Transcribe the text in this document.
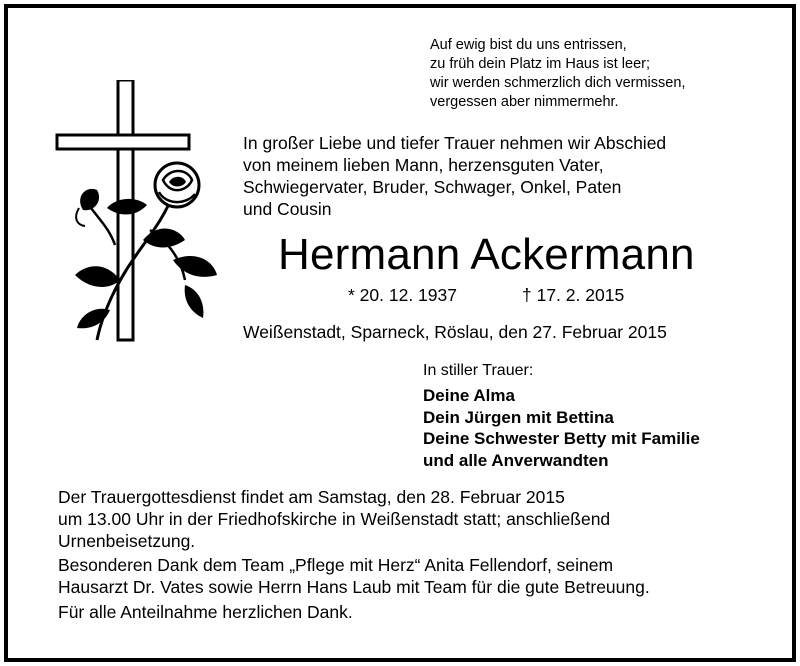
Auf ewig bist du uns entrissen,
zu früh dein Platz im Haus ist leer;
wir werden schmerzlich dich vermissen,
vergessen aber nimmermehr.
In großer Liebe und tiefer Trauer nehmen wir Abschied
von meinem lieben Mann, herzensguten Vater,
Schwiegervater, Bruder, Schwager, Onkel, Paten
und Cousin
Hermann Ackermann
* 20. 12. 1937	† 17. 2. 2015
Weißenstadt, Sparneck, Röslau, den 27. Februar 2015
In stiller Trauer:
Deine Alma
Dein Jürgen mit Bettina
Deine Schwester Betty mit Familie
und alle Anverwandten
Der Trauergottesdienst findet am Samstag, den 28. Februar 2015
um 13.00 Uhr in der Friedhofskirche in Weißenstadt statt; anschließend
Urnenbeisetzung.
Besonderen Dank dem Team „Pflege mit Herz“ Anita Fellendorf, seinem
Hausarzt Dr. Vates sowie Herrn Hans Laub mit Team für die gute Betreuung.
Für alle Anteilnahme herzlichen Dank.
